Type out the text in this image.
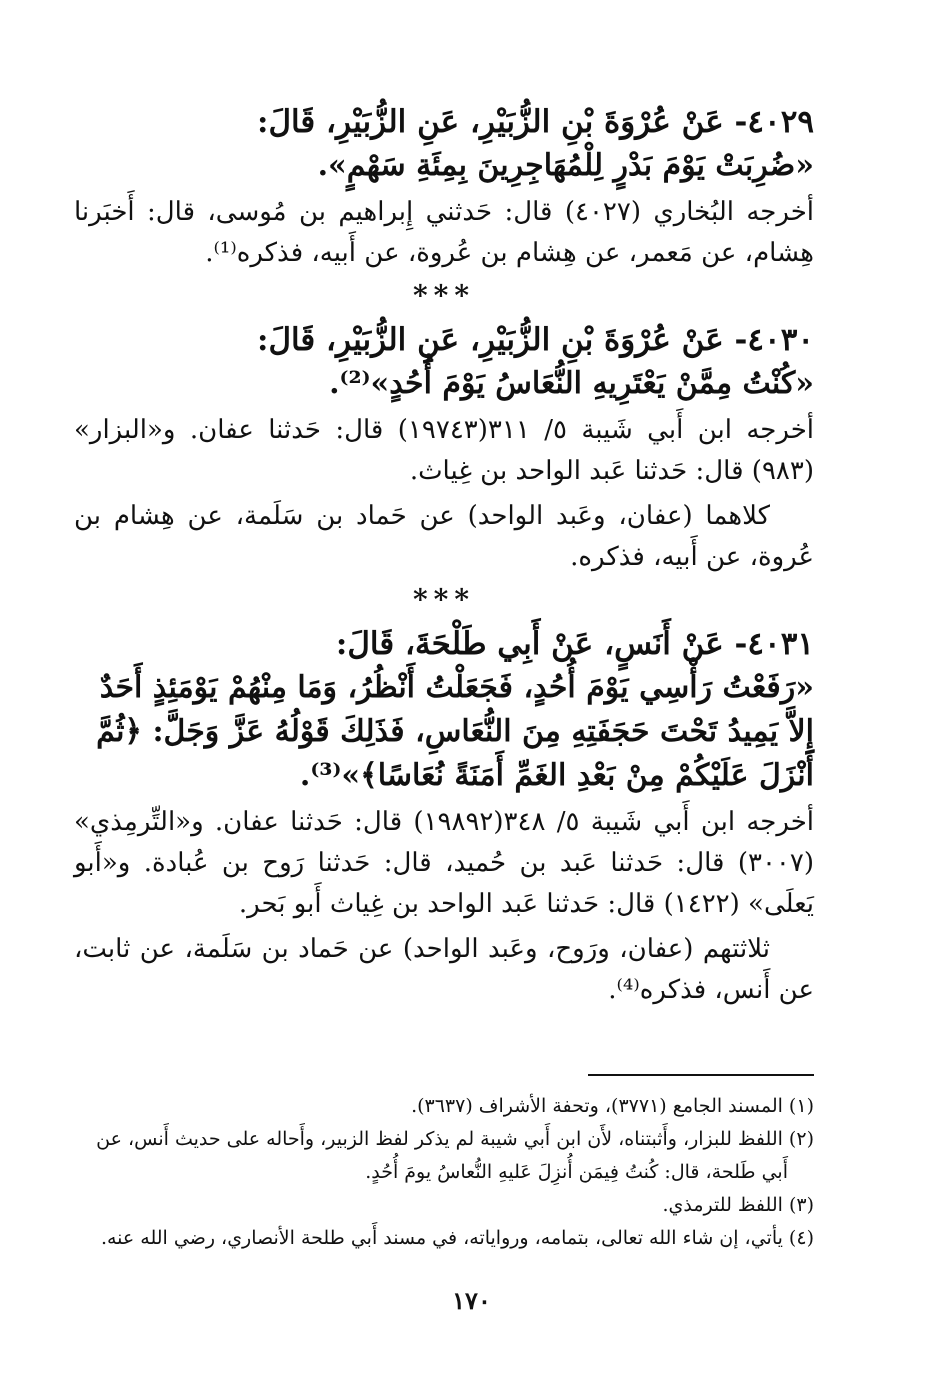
٤٠٢٩- عَنْ عُرْوَةَ بْنِ الزُّبَيْرِ، عَنِ الزُّبَيْرِ، قَالَ:

«ضُرِبَتْ يَوْمَ بَدْرٍ لِلْمُهَاجِرِينَ بِمِئَةِ سَهْمٍ».

أخرجه البُخاري (٤٠٢٧) قال: حَدثني إِبراهيم بن مُوسى، قال: أَخبَرنا هِشام، عن مَعمر، عن هِشام بن عُروة، عن أَبيه، فذكره⁽¹⁾.

***

٤٠٣٠- عَنْ عُرْوَةَ بْنِ الزُّبَيْرِ، عَنِ الزُّبَيْرِ، قَالَ:

«كُنْتُ مِمَّنْ يَعْتَرِيهِ النُّعَاسُ يَوْمَ أُحُدٍ»⁽²⁾.

أخرجه ابن أَبي شَيبة ٥/ ٣١١(١٩٧٤٣) قال: حَدثنا عفان. و«البزار» (٩٨٣) قال: حَدثنا عَبد الواحد بن غِياث.

كلاهما (عفان، وعَبد الواحد) عن حَماد بن سَلَمة، عن هِشام بن عُروة، عن أَبيه، فذكره.

***

٤٠٣١- عَنْ أَنَسٍ، عَنْ أَبِي طَلْحَةَ، قَالَ:

«رَفَعْتُ رَأْسِي يَوْمَ أُحُدٍ، فَجَعَلْتُ أَنْظُرُ، وَمَا مِنْهُمْ يَوْمَئِذٍ أَحَدٌ إِلاَّ يَمِيدُ تَحْتَ حَجَفَتِهِ مِنَ النُّعَاسِ، فَذَلِكَ قَوْلُهُ عَزَّ وَجَلَّ: ﴿ثُمَّ أَنْزَلَ عَلَيْكُمْ مِنْ بَعْدِ الغَمِّ أَمَنَةً نُعَاسًا﴾»⁽³⁾.

أخرجه ابن أَبي شَيبة ٥/ ٣٤٨(١٩٨٩٢) قال: حَدثنا عفان. و«التِّرمِذي» (٣٠٠٧) قال: حَدثنا عَبد بن حُميد، قال: حَدثنا رَوح بن عُبادة. و«أَبو يَعلَى» (١٤٢٢) قال: حَدثنا عَبد الواحد بن غِياث أَبو بَحر.

ثلاثتهم (عفان، ورَوح، وعَبد الواحد) عن حَماد بن سَلَمة، عن ثابت، عن أَنس، فذكره⁽⁴⁾.

(١) المسند الجامع (٣٧٧١)، وتحفة الأشراف (٣٦٣٧).

(٢) اللفظ للبزار، وأَثبتناه، لأَن ابن أَبي شيبة لم يذكر لفظ الزبير، وأَحاله على حديث أَنس، عن

أَبي طَلحة، قال: كُنتُ فِيمَن أُنزِلَ عَليهِ النُّعاسُ يومَ أُحُدٍ.

(٣) اللفظ للترمذي.

(٤) يأتي، إن شاء الله تعالى، بتمامه، وروایاته، في مسند أَبي طلحة الأنصاري، رضي الله عنه.

١٧٠
